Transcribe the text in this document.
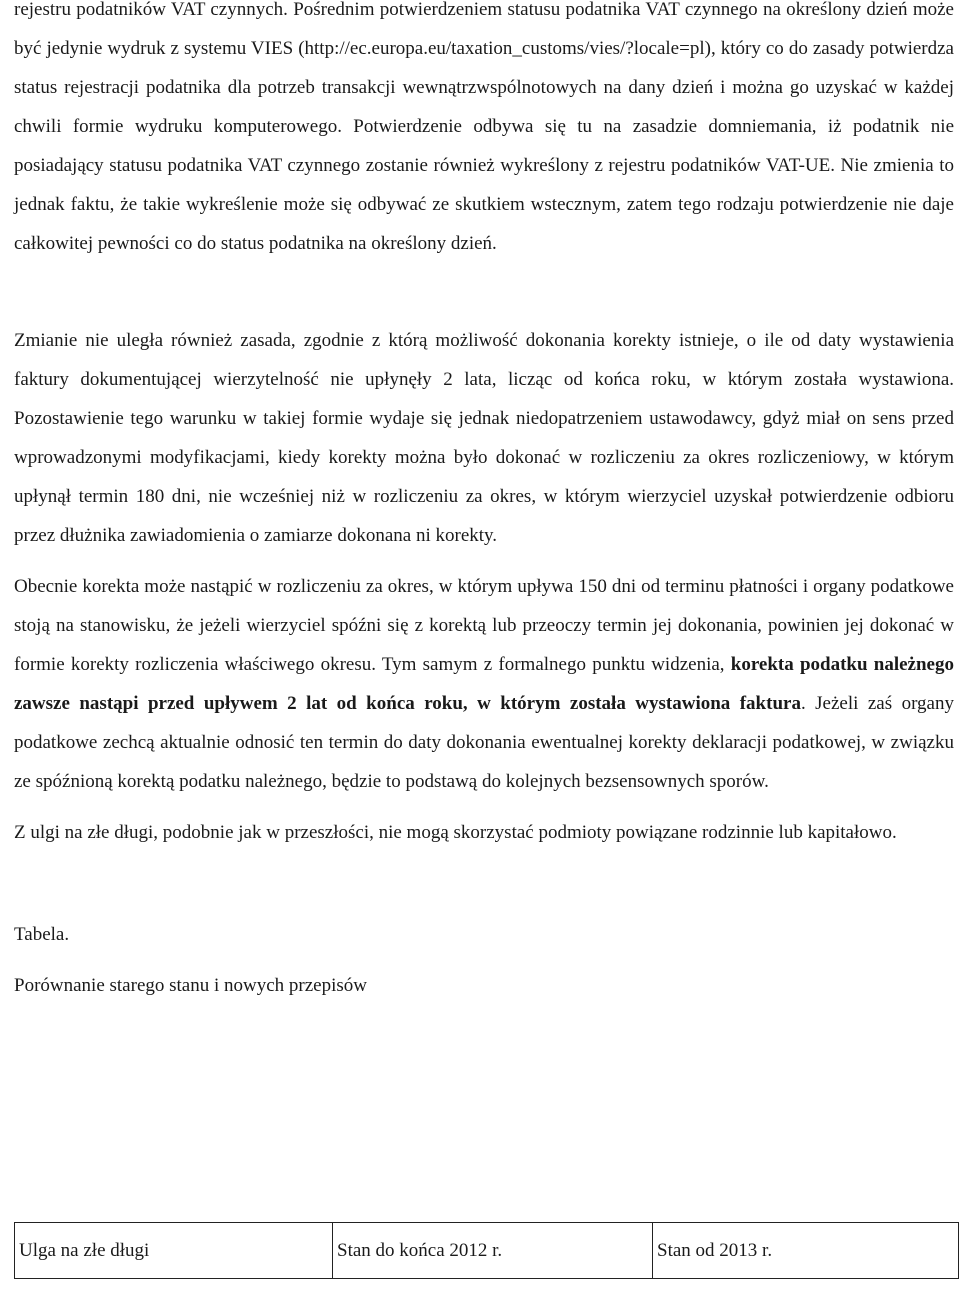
rejestru podatników VAT czynnych. Pośrednim potwierdzeniem statusu podatnika VAT czynnego na określony dzień może być jedynie wydruk z systemu VIES (http://ec.europa.eu/taxation_customs/vies/?locale=pl), który co do zasady potwierdza status rejestracji podatnika dla potrzeb transakcji wewnątrzwspólnotowych na dany dzień i można go uzyskać w każdej chwili formie wydruku komputerowego. Potwierdzenie odbywa się tu na zasadzie domniemania, iż podatnik nie posiadający statusu podatnika VAT czynnego zostanie również wykreślony z rejestru podatników VAT-UE. Nie zmienia to jednak faktu, że takie wykreślenie może się odbywać ze skutkiem wstecznym, zatem tego rodzaju potwierdzenie nie daje całkowitej pewności co do status podatnika na określony dzień.

Zmianie nie uległa również zasada, zgodnie z którą możliwość dokonania korekty istnieje, o ile od daty wystawienia faktury dokumentującej wierzytelność nie upłynęły 2 lata, licząc od końca roku, w którym została wystawiona. Pozostawienie tego warunku w takiej formie wydaje się jednak niedopatrzeniem ustawodawcy, gdyż miał on sens przed wprowadzonymi modyfikacjami, kiedy korekty można było dokonać w rozliczeniu za okres rozliczeniowy, w którym upłynął termin 180 dni, nie wcześniej niż w rozliczeniu za okres, w którym wierzyciel uzyskał potwierdzenie odbioru przez dłużnika zawiadomienia o zamiarze dokonana ni korekty.

Obecnie korekta może nastąpić w rozliczeniu za okres, w którym upływa 150 dni od terminu płatności i organy podatkowe stoją na stanowisku, że jeżeli wierzyciel spóźni się z korektą lub przeoczy termin jej dokonania, powinien jej dokonać w formie korekty rozliczenia właściwego okresu. Tym samym z formalnego punktu widzenia, korekta podatku należnego zawsze nastąpi przed upływem 2 lat od końca roku, w którym została wystawiona faktura. Jeżeli zaś organy podatkowe zechcą aktualnie odnosić ten termin do daty dokonania ewentualnej korekty deklaracji podatkowej, w związku ze spóźnioną korektą podatku należnego, będzie to podstawą do kolejnych bezsensownych sporów.

Z ulgi na złe długi, podobnie jak w przeszłości, nie mogą skorzystać podmioty powiązane rodzinnie lub kapitałowo.

Tabela.

Porównanie starego stanu i nowych przepisów

Ulga na złe długi	Stan do końca 2012 r.	Stan od 2013 r.
